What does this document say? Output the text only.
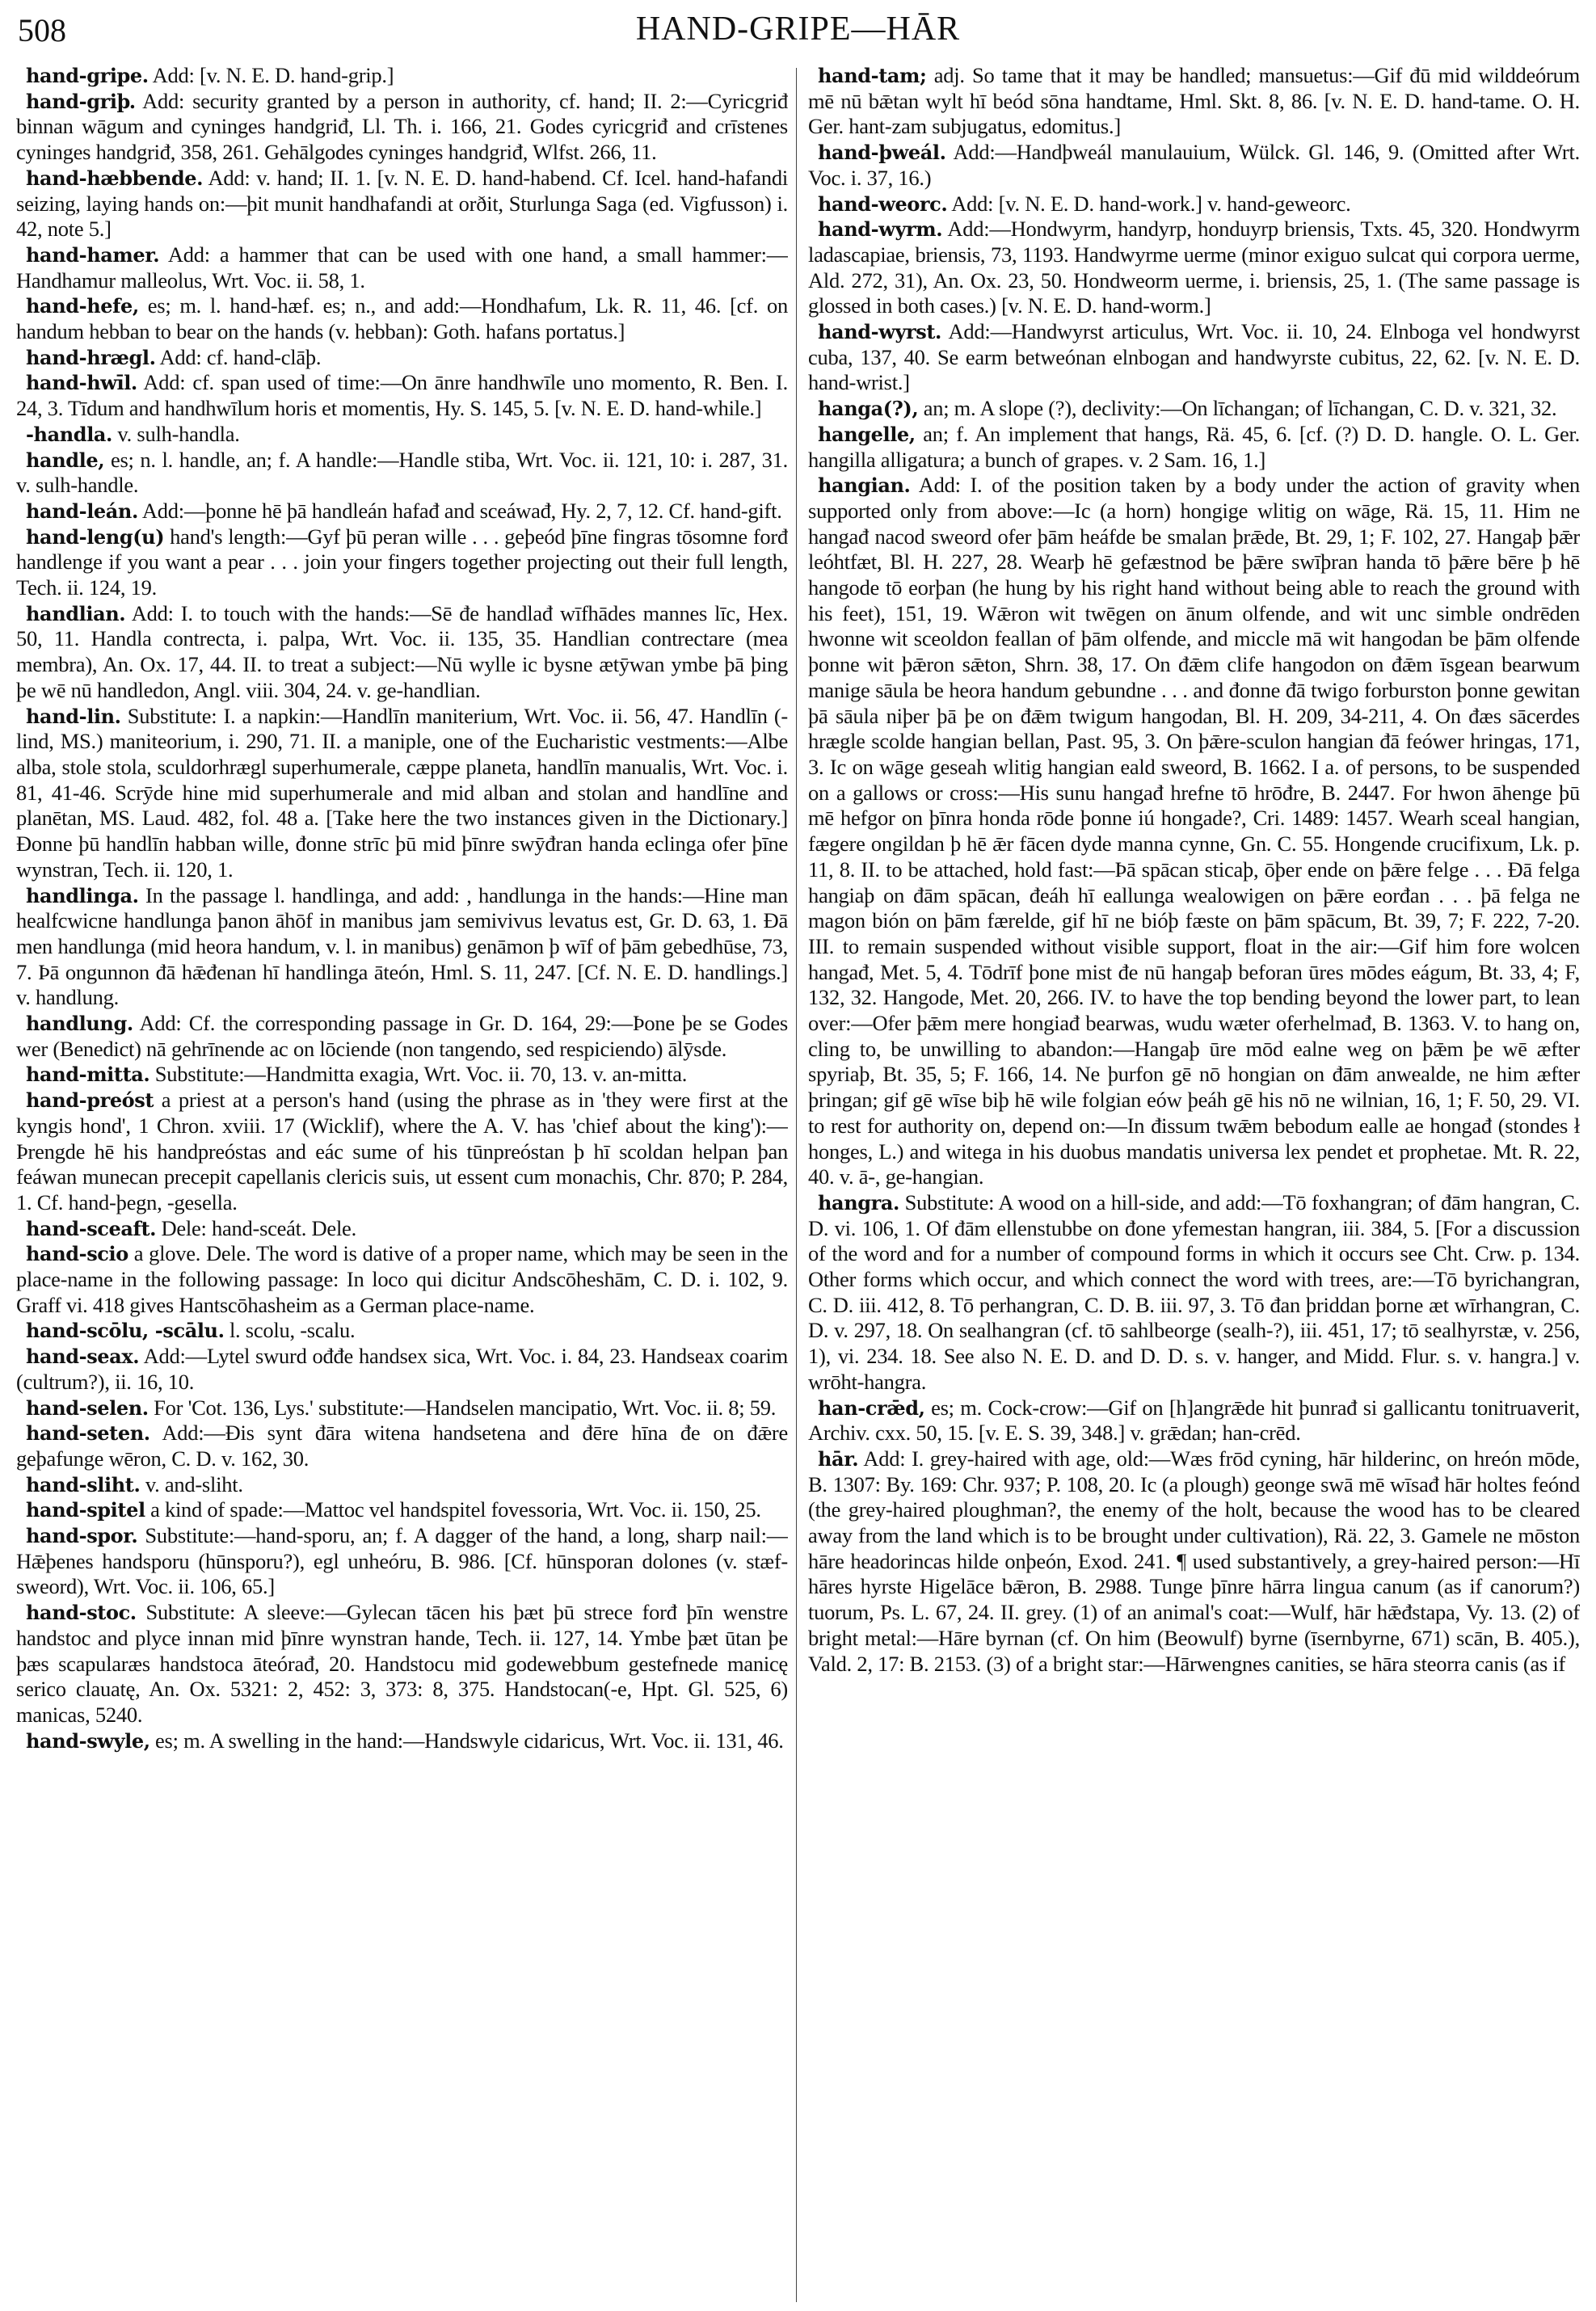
508	HAND-GRIPE—HĀR

hand-gripe. Add: [v. N. E. D. hand-grip.]

hand-griþ. Add: security granted by a person in authority, cf. hand; II. 2:—Cyricgriđ binnan wāgum and cyninges handgriđ, Ll. Th. i. 166, 21. Godes cyricgriđ and crīstenes cyninges handgriđ, 358, 261. Gehālgodes cyninges handgriđ, Wlfst. 266, 11.

hand-hæbbende. Add: v. hand; II. 1. [v. N. E. D. hand-habend. Cf. Icel. hand-hafandi seizing, laying hands on:—þit munit handhafandi at orðit, Sturlunga Saga (ed. Vigfusson) i. 42, note 5.]

hand-hamer. Add: a hammer that can be used with one hand, a small hammer:—Handhamur malleolus, Wrt. Voc. ii. 58, 1.

hand-hefe, es; m. l. hand-hæf. es; n., and add:—Hondhafum, Lk. R. 11, 46. [cf. on handum hebban to bear on the hands (v. hebban): Goth. hafans portatus.]

hand-hrægl. Add: cf. hand-clāþ.

hand-hwīl. Add: cf. span used of time:—On ānre handhwīle uno momento, R. Ben. I. 24, 3. Tīdum and handhwīlum horis et momentis, Hy. S. 145, 5. [v. N. E. D. hand-while.]

-handla. v. sulh-handla.

handle, es; n. l. handle, an; f. A handle:—Handle stiba, Wrt. Voc. ii. 121, 10: i. 287, 31. v. sulh-handle.

hand-leán. Add:—þonne hē þā handleán hafađ and sceáwađ, Hy. 2, 7, 12. Cf. hand-gift.

hand-leng(u) hand's length:—Gyf þū peran wille . . . geþeód þīne fingras tōsomne forđ handlenge if you want a pear . . . join your fingers together projecting out their full length, Tech. ii. 124, 19.

handlian. Add: I. to touch with the hands:—Sē đe handlađ wīfhādes mannes līc, Hex. 50, 11. Handla contrecta, i. palpa, Wrt. Voc. ii. 135, 35. Handlian contrectare (mea membra), An. Ox. 17, 44. II. to treat a subject:—Nū wylle ic bysne ætȳwan ymbe þā þing þe wē nū handledon, Angl. viii. 304, 24. v. ge-handlian.

hand-lin. Substitute: I. a napkin:—Handlīn maniterium, Wrt. Voc. ii. 56, 47. Handlīn (-lind, MS.) maniteorium, i. 290, 71. II. a maniple, one of the Eucharistic vestments:—Albe alba, stole stola, sculdorhrægl superhumerale, cæppe planeta, handlīn manualis, Wrt. Voc. i. 81, 41-46. Scrȳde hine mid superhumerale and mid alban and stolan and handlīne and planētan, MS. Laud. 482, fol. 48 a. [Take here the two instances given in the Dictionary.] Đonne þū handlīn habban wille, đonne strīc þū mid þīnre swȳđran handa eclinga ofer þīne wynstran, Tech. ii. 120, 1.

handlinga. In the passage l. handlinga, and add: , handlunga in the hands:—Hine man healfcwicne handlunga þanon āhōf in manibus jam semivivus levatus est, Gr. D. 63, 1. Đā men handlunga (mid heora handum, v. l. in manibus) genāmon þ wīf of þām gebedhūse, 73, 7. Þā ongunnon đā hǣđenan hī handlinga āteón, Hml. S. 11, 247. [Cf. N. E. D. handlings.] v. handlung.

handlung. Add: Cf. the corresponding passage in Gr. D. 164, 29:—Þone þe se Godes wer (Benedict) nā gehrīnende ac on lōciende (non tangendo, sed respiciendo) ālȳsde.

hand-mitta. Substitute:—Handmitta exagia, Wrt. Voc. ii. 70, 13. v. an-mitta.

hand-preóst a priest at a person's hand (using the phrase as in 'they were first at the kyngis hond', 1 Chron. xviii. 17 (Wicklif), where the A. V. has 'chief about the king'):—Þrengde hē his handpreóstas and eác sume of his tūnpreóstan þ hī scoldan helpan þan feáwan munecan precepit capellanis clericis suis, ut essent cum monachis, Chr. 870; P. 284, 1. Cf. hand-þegn, -gesella.

hand-sceaft. Dele: hand-sceát. Dele.

hand-scio a glove. Dele. The word is dative of a proper name, which may be seen in the place-name in the following passage: In loco qui dicitur Andscōheshām, C. D. i. 102, 9. Graff vi. 418 gives Hantscōhasheim as a German place-name.

hand-scōlu, -scālu. l. scolu, -scalu.

hand-seax. Add:—Lytel swurd ođđe handsex sica, Wrt. Voc. i. 84, 23. Handseax coarim (cultrum?), ii. 16, 10.

hand-selen. For 'Cot. 136, Lys.' substitute:—Handselen mancipatio, Wrt. Voc. ii. 8; 59.

hand-seten. Add:—Đis synt đāra witena handsetena and đēre hīna đe on đǣre geþafunge wēron, C. D. v. 162, 30.

hand-sliht. v. and-sliht.

hand-spitel a kind of spade:—Mattoc vel handspitel fovessoria, Wrt. Voc. ii. 150, 25.

hand-spor. Substitute:—hand-sporu, an; f. A dagger of the hand, a long, sharp nail:—Hǣþenes handsporu (hūnsporu?), egl unheóru, B. 986. [Cf. hūnsporan dolones (v. stæf-sweord), Wrt. Voc. ii. 106, 65.]

hand-stoc. Substitute: A sleeve:—Gylecan tācen his þæt þū strece forđ þīn wenstre handstoc and plyce innan mid þīnre wynstran hande, Tech. ii. 127, 14. Ymbe þæt ūtan þe þæs scapularæs handstoca āteórađ, 20. Handstocu mid godewebbum gestefnede manicę serico clauatę, An. Ox. 5321: 2, 452: 3, 373: 8, 375. Handstocan(-e, Hpt. Gl. 525, 6) manicas, 5240.

hand-swyle, es; m. A swelling in the hand:—Handswyle cidaricus, Wrt. Voc. ii. 131, 46.

hand-tam; adj. So tame that it may be handled; mansuetus:—Gif đū mid wilddeórum mē nū bǣtan wylt hī beód sōna handtame, Hml. Skt. 8, 86. [v. N. E. D. hand-tame. O. H. Ger. hant-zam subjugatus, edomitus.]

hand-þweál. Add:—Handþweál manulauium, Wülck. Gl. 146, 9. (Omitted after Wrt. Voc. i. 37, 16.)

hand-weorc. Add: [v. N. E. D. hand-work.] v. hand-geweorc.

hand-wyrm. Add:—Hondwyrm, handyrp, honduyrp briensis, Txts. 45, 320. Hondwyrm ladascapiae, briensis, 73, 1193. Handwyrme uerme (minor exiguo sulcat qui corpora uerme, Ald. 272, 31), An. Ox. 23, 50. Hondweorm uerme, i. briensis, 25, 1. (The same passage is glossed in both cases.) [v. N. E. D. hand-worm.]

hand-wyrst. Add:—Handwyrst articulus, Wrt. Voc. ii. 10, 24. Elnboga vel hondwyrst cuba, 137, 40. Se earm betweónan elnbogan and handwyrste cubitus, 22, 62. [v. N. E. D. hand-wrist.]

hanga(?), an; m. A slope (?), declivity:—On līchangan; of līchangan, C. D. v. 321, 32.

hangelle, an; f. An implement that hangs, Rä. 45, 6. [cf. (?) D. D. hangle. O. L. Ger. hangilla alligatura; a bunch of grapes. v. 2 Sam. 16, 1.]

hangian. Add: I. of the position taken by a body under the action of gravity when supported only from above:—Ic (a horn) hongige wlitig on wāge, Rä. 15, 11. Him ne hangađ nacod sweord ofer þām heáfde be smalan þrǣde, Bt. 29, 1; F. 102, 27. Hangaþ þǣr leóhtfæt, Bl. H. 227, 28. Wearþ hē gefæstnod be þǣre swīþran handa tō þǣre bēre þ hē hangode tō eorþan (he hung by his right hand without being able to reach the ground with his feet), 151, 19. Wǣron wit twēgen on ānum olfende, and wit unc simble ondrēden hwonne wit sceoldon feallan of þām olfende, and miccle mā wit hangodan be þām olfende þonne wit þǣron sǣton, Shrn. 38, 17. On đǣm clife hangodon on đǣm īsgean bearwum manige sāula be heora handum gebundne . . . and đonne đā twigo forburston þonne gewitan þā sāula niþer þā þe on đǣm twigum hangodan, Bl. H. 209, 34-211, 4. On đæs sācerdes hrægle scolde hangian bellan, Past. 95, 3. On þǣre-sculon hangian đā feówer hringas, 171, 3. Ic on wāge geseah wlitig hangian eald sweord, B. 1662. I a. of persons, to be suspended on a gallows or cross:—His sunu hangađ hrefne tō hrōđre, B. 2447. For hwon āhenge þū mē hefgor on þīnra honda rōde þonne iú hongade?, Cri. 1489: 1457. Wearh sceal hangian, fægere ongildan þ hē ǣr fācen dyde manna cynne, Gn. C. 55. Hongende crucifixum, Lk. p. 11, 8. II. to be attached, hold fast:—Þā spācan sticaþ, ōþer ende on þǣre felge . . . Đā felga hangiaþ on đām spācan, đeáh hī eallunga wealowigen on þǣre eorđan . . . þā felga ne magon bión on þām færelde, gif hī ne bióþ fæste on þām spācum, Bt. 39, 7; F. 222, 7-20. III. to remain suspended without visible support, float in the air:—Gif him fore wolcen hangađ, Met. 5, 4. Tōdrīf þone mist đe nū hangaþ beforan ūres mōdes eágum, Bt. 33, 4; F, 132, 32. Hangode, Met. 20, 266. IV. to have the top bending beyond the lower part, to lean over:—Ofer þǣm mere hongiađ bearwas, wudu wæter oferhelmađ, B. 1363. V. to hang on, cling to, be unwilling to abandon:—Hangaþ ūre mōd ealne weg on þǣm þe wē æfter spyriaþ, Bt. 35, 5; F. 166, 14. Ne þurfon gē nō hongian on đām anwealde, ne him æfter þringan; gif gē wīse biþ hē wile folgian eów þeáh gē his nō ne wilnian, 16, 1; F. 50, 29. VI. to rest for authority on, depend on:—In đissum twǣm bebodum ealle ae hongađ (stondes ł honges, L.) and witega in his duobus mandatis universa lex pendet et prophetae. Mt. R. 22, 40. v. ā-, ge-hangian.

hangra. Substitute: A wood on a hill-side, and add:—Tō foxhangran; of đām hangran, C. D. vi. 106, 1. Of đām ellenstubbe on đone yfemestan hangran, iii. 384, 5. [For a discussion of the word and for a number of compound forms in which it occurs see Cht. Crw. p. 134. Other forms which occur, and which connect the word with trees, are:—Tō byrichangran, C. D. iii. 412, 8. Tō perhangran, C. D. B. iii. 97, 3. Tō đan þriddan þorne æt wīrhangran, C. D. v. 297, 18. On sealhangran (cf. tō sahlbeorge (sealh-?), iii. 451, 17; tō sealhyrstæ, v. 256, 1), vi. 234. 18. See also N. E. D. and D. D. s. v. hanger, and Midd. Flur. s. v. hangra.] v. wrōht-hangra.

han-crǣd, es; m. Cock-crow:—Gif on [h]angrǣde hit þunrađ si gallicantu tonitruaverit, Archiv. cxx. 50, 15. [v. E. S. 39, 348.] v. grǣdan; han-crēd.

hār. Add: I. grey-haired with age, old:—Wæs frōd cyning, hār hilderinc, on hreón mōde, B. 1307: By. 169: Chr. 937; P. 108, 20. Ic (a plough) geonge swā mē wīsađ hār holtes feónd (the grey-haired ploughman?, the enemy of the holt, because the wood has to be cleared away from the land which is to be brought under cultivation), Rä. 22, 3. Gamele ne mōston hāre headorincas hilde onþeón, Exod. 241. ¶ used substantively, a grey-haired person:—Hī hāres hyrste Higelāce bǣron, B. 2988. Tunge þīnre hārra lingua canum (as if canorum?) tuorum, Ps. L. 67, 24. II. grey. (1) of an animal's coat:—Wulf, hār hǣđstapa, Vy. 13. (2) of bright metal:—Hāre byrnan (cf. On him (Beowulf) byrne (īsernbyrne, 671) scān, B. 405.), Vald. 2, 17: B. 2153. (3) of a bright star:—Hārwengnes canities, se hāra steorra canis (as if
